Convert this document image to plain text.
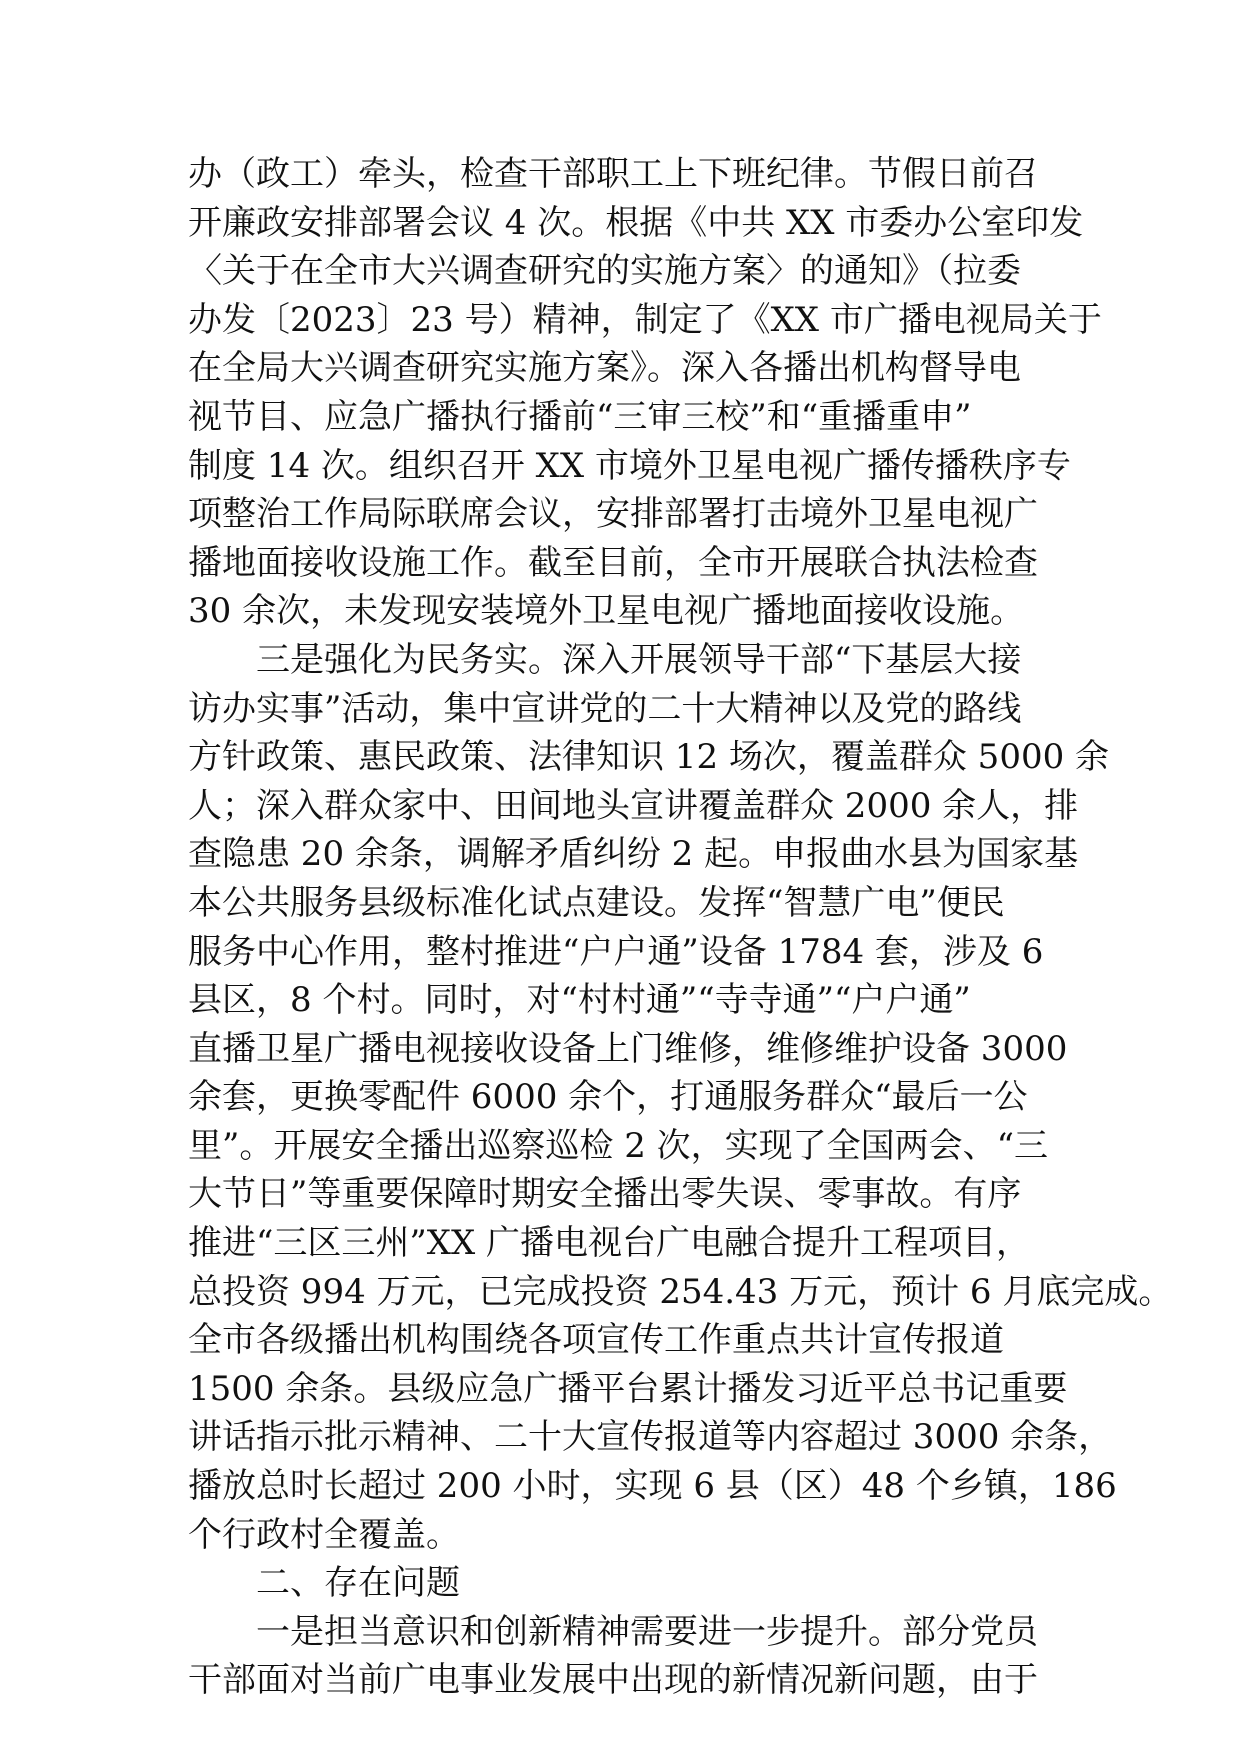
办（政工）牵头，检查干部职工上下班纪律。节假日前召
开廉政安排部署会议 4 次。根据《中共 XX 市委办公室印发
〈关于在全市大兴调查研究的实施方案〉的通知》（拉委
办发〔2023〕23 号）精神，制定了《XX 市广播电视局关于
在全局大兴调查研究实施方案》。深入各播出机构督导电
视节目、应急广播执行播前“三审三校”和“重播重申”
制度 14 次。组织召开 XX 市境外卫星电视广播传播秩序专
项整治工作局际联席会议，安排部署打击境外卫星电视广
播地面接收设施工作。截至目前，全市开展联合执法检查
30 余次，未发现安装境外卫星电视广播地面接收设施。
三是强化为民务实。深入开展领导干部“下基层大接
访办实事”活动，集中宣讲党的二十大精神以及党的路线
方针政策、惠民政策、法律知识 12 场次，覆盖群众 5000 余
人；深入群众家中、田间地头宣讲覆盖群众 2000 余人，排
查隐患 20 余条，调解矛盾纠纷 2 起。申报曲水县为国家基
本公共服务县级标准化试点建设。发挥“智慧广电”便民
服务中心作用，整村推进“户户通”设备 1784 套，涉及 6
县区，8 个村。同时，对“村村通”“寺寺通”“户户通”
直播卫星广播电视接收设备上门维修，维修维护设备 3000
余套，更换零配件 6000 余个，打通服务群众“最后一公
里”。开展安全播出巡察巡检 2 次，实现了全国两会、“三
大节日”等重要保障时期安全播出零失误、零事故。有序
推进“三区三州”XX 广播电视台广电融合提升工程项目，
总投资 994 万元，已完成投资 254.43 万元，预计 6 月底完成。
全市各级播出机构围绕各项宣传工作重点共计宣传报道
1500 余条。县级应急广播平台累计播发习近平总书记重要
讲话指示批示精神、二十大宣传报道等内容超过 3000 余条，
播放总时长超过 200 小时，实现 6 县（区）48 个乡镇，186
个行政村全覆盖。
二、存在问题
一是担当意识和创新精神需要进一步提升。部分党员
干部面对当前广电事业发展中出现的新情况新问题，由于
